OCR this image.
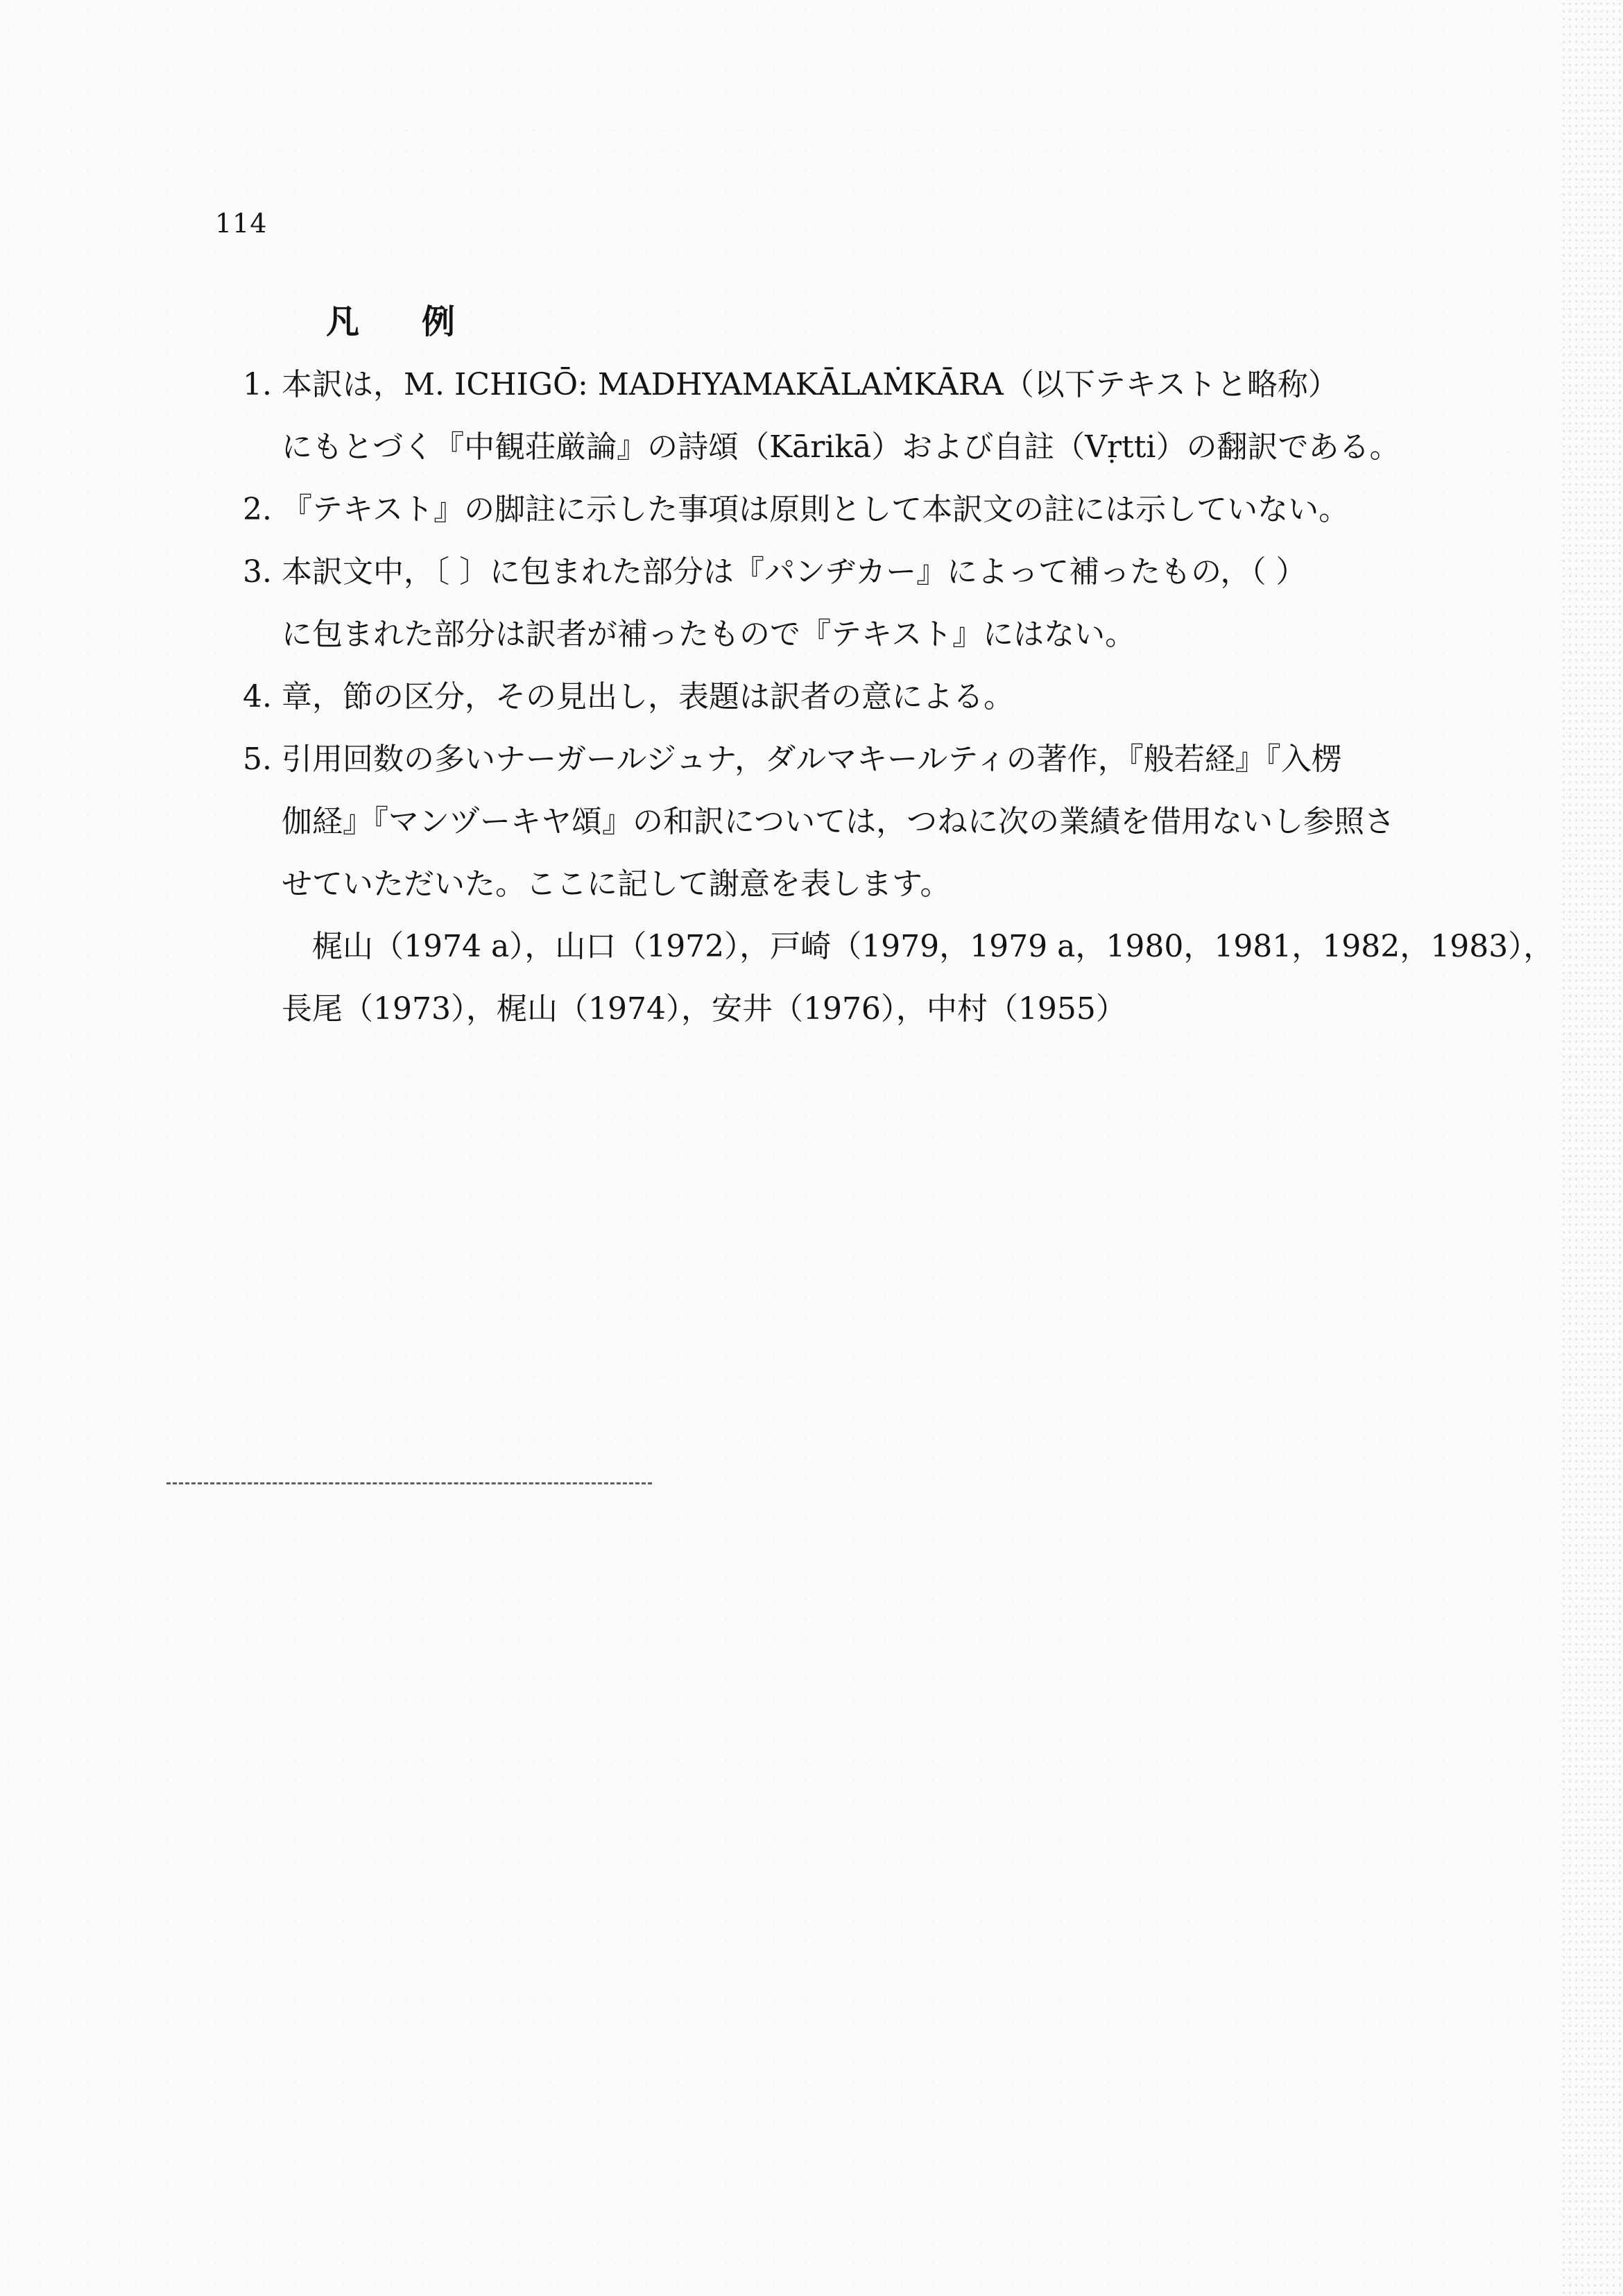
114
凡例
1. 本訳は，M. ICHIGŌ: MADHYAMAKĀLAṀKĀRA（以下テキストと略称）
にもとづく『中観荘厳論』の詩頌（Kārikā）および自註（Vṛtti）の翻訳である。
2. 『テキスト』の脚註に示した事項は原則として本訳文の註には示していない。
3. 本訳文中，〔 〕に包まれた部分は『パンヂカー』によって補ったもの，（ ）
に包まれた部分は訳者が補ったもので『テキスト』にはない。
4. 章，節の区分，その見出し，表題は訳者の意による。
5. 引用回数の多いナーガールジュナ，ダルマキールティの著作，『般若経』『入楞
伽経』『マンヅーキヤ頌』の和訳については，つねに次の業績を借用ないし参照さ
せていただいた。ここに記して謝意を表します。
梶山（1974 a），山口（1972），戸崎（1979，1979 a，1980，1981，1982，1983），
長尾（1973），梶山（1974），安井（1976），中村（1955）
